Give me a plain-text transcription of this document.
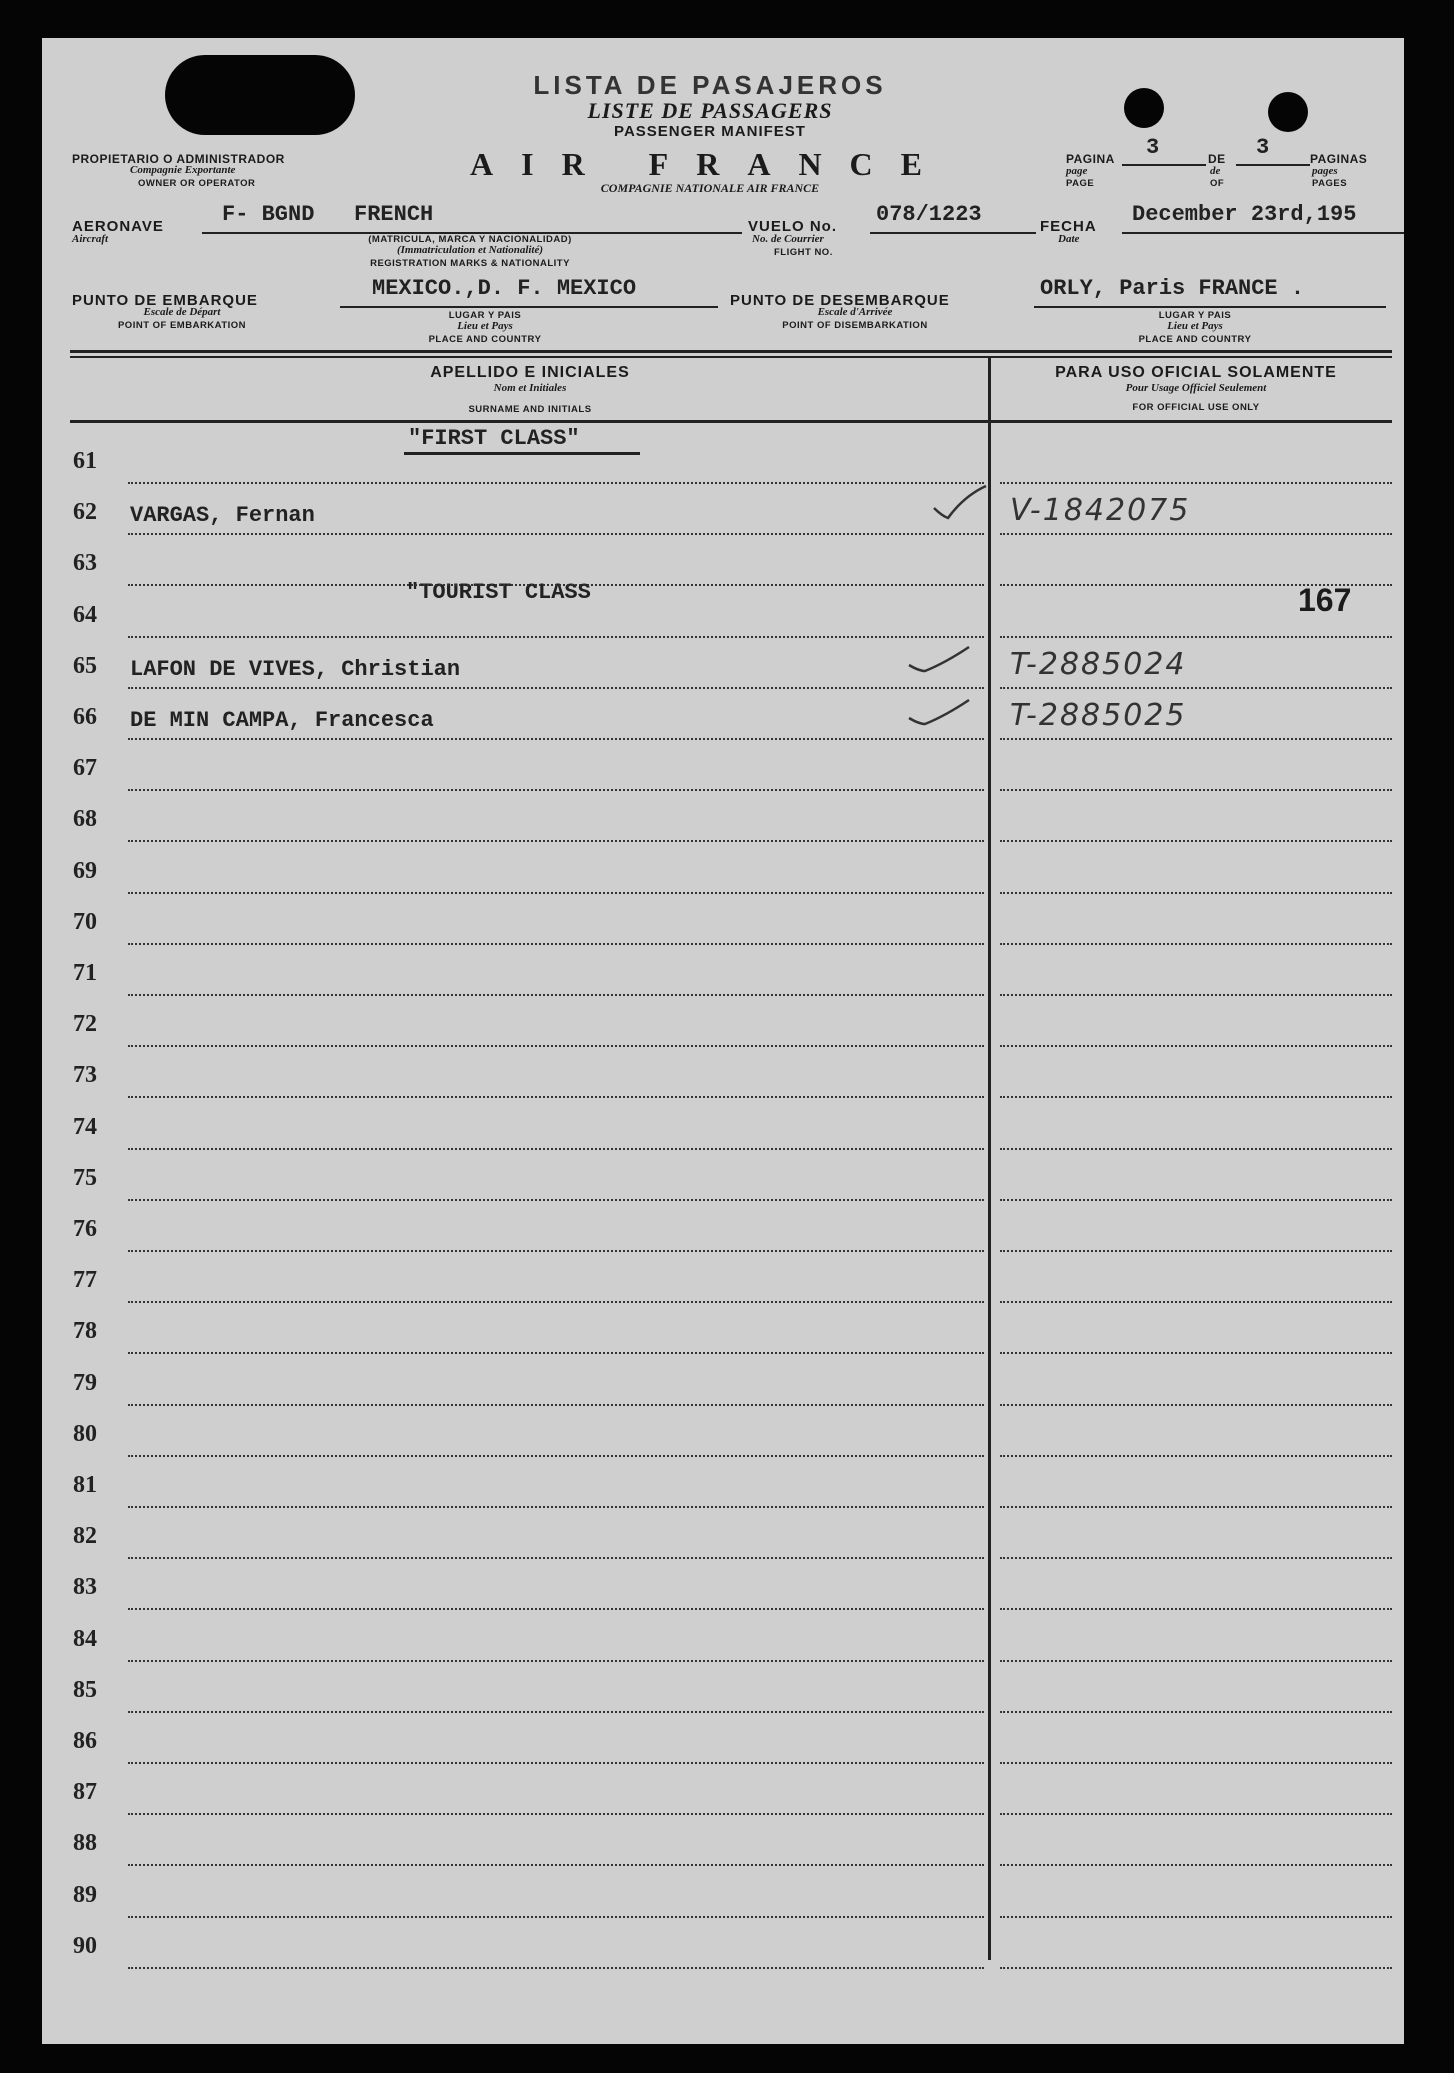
LISTA DE PASAJEROS
LISTE DE PASSAGERS
PASSENGER MANIFEST
AIR FRANCE
COMPAGNIE NATIONALE AIR FRANCE
PROPIETARIO O ADMINISTRADOR
Compagnie Exportante
OWNER OR OPERATOR
PAGINA
page
PAGE
3	DE
de
OF
3	PAGINAS
pages
PAGES
AERONAVE
Aircraft
F- BGND   FRENCH
(MATRICULA, MARCA Y NACIONALIDAD)
(Immatriculation et Nationalité)
REGISTRATION MARKS & NATIONALITY
VUELO No.
No. de Courrier
FLIGHT NO.
078/1223	FECHA
Date
December 23rd,195
PUNTO DE EMBARQUE
Escale de Départ
POINT OF EMBARKATION
MEXICO.,D. F. MEXICO
LUGAR Y PAIS
Lieu et Pays
PLACE AND COUNTRY
PUNTO DE DESEMBARQUE
Escale d'Arrivée
POINT OF DISEMBARKATION
ORLY, Paris FRANCE .
LUGAR Y PAIS
Lieu et Pays
PLACE AND COUNTRY
APELLIDO E INICIALES
Nom et Initiales
SURNAME AND INITIALS
PARA USO OFICIAL SOLAMENTE
Pour Usage Officiel Seulement
FOR OFFICIAL USE ONLY
"FIRST CLASS"
"TOURIST CLASS	167
61
62 VARGAS, Fernan	V-1842075
63
64
65 LAFON DE VIVES, Christian	T-2885024
66 DE MIN CAMPA, Francesca	T-2885025
67
68
69
70
71
72
73
74
75
76
77
78
79
80
81
82
83
84
85
86
87
88
89
90
